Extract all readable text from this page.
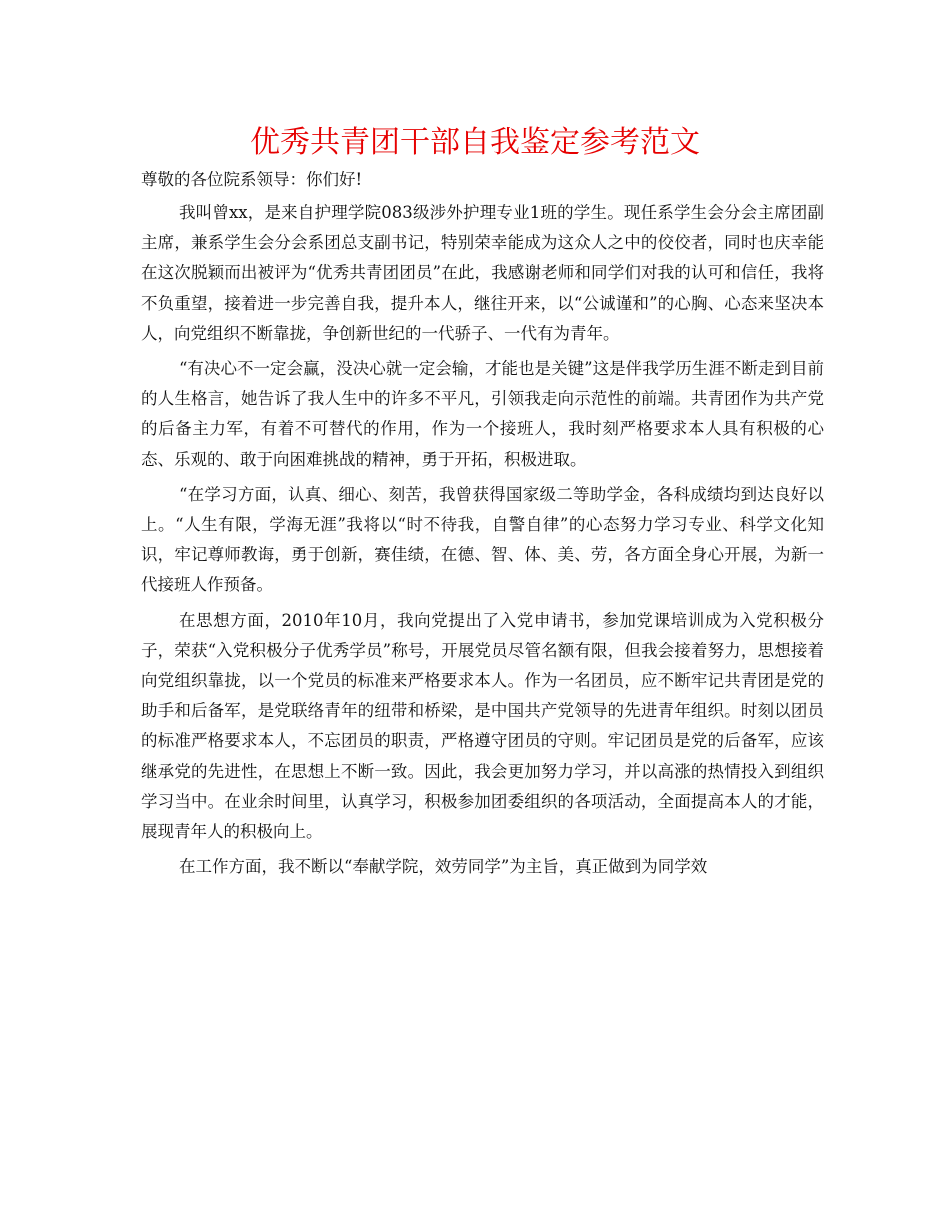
优秀共青团干部自我鉴定参考范文

尊敬的各位院系领导：你们好!

我叫曾xx，是来自护理学院083级涉外护理专业1班的学生。现任系学生会分会主席团副主席，兼系学生会分会系团总支副书记，特别荣幸能成为这众人之中的佼佼者，同时也庆幸能在这次脱颖而出被评为“优秀共青团团员”在此，我感谢老师和同学们对我的认可和信任，我将不负重望，接着进一步完善自我，提升本人，继往开来，以“公诚谨和”的心胸、心态来坚决本人，向党组织不断靠拢，争创新世纪的一代骄子、一代有为青年。

“有决心不一定会赢，没决心就一定会输，才能也是关键”这是伴我学历生涯不断走到目前的人生格言，她告诉了我人生中的许多不平凡，引领我走向示范性的前端。共青团作为共产党的后备主力军，有着不可替代的作用，作为一个接班人，我时刻严格要求本人具有积极的心态、乐观的、敢于向困难挑战的精神，勇于开拓，积极进取。

“在学习方面，认真、细心、刻苦，我曾获得国家级二等助学金，各科成绩均到达良好以上。“人生有限，学海无涯”我将以“时不待我，自警自律”的心态努力学习专业、科学文化知识，牢记尊师教诲，勇于创新，赛佳绩，在德、智、体、美、劳，各方面全身心开展，为新一代接班人作预备。

在思想方面，2010年10月，我向党提出了入党申请书，参加党课培训成为入党积极分子，荣获“入党积极分子优秀学员”称号，开展党员尽管名额有限，但我会接着努力，思想接着向党组织靠拢，以一个党员的标准来严格要求本人。作为一名团员，应不断牢记共青团是党的助手和后备军，是党联络青年的纽带和桥梁，是中国共产党领导的先进青年组织。时刻以团员的标准严格要求本人，不忘团员的职责，严格遵守团员的守则。牢记团员是党的后备军，应该继承党的先进性，在思想上不断一致。因此，我会更加努力学习，并以高涨的热情投入到组织学习当中。在业余时间里，认真学习，积极参加团委组织的各项活动，全面提高本人的才能，展现青年人的积极向上。

在工作方面，我不断以“奉献学院，效劳同学”为主旨，真正做到为同学效
